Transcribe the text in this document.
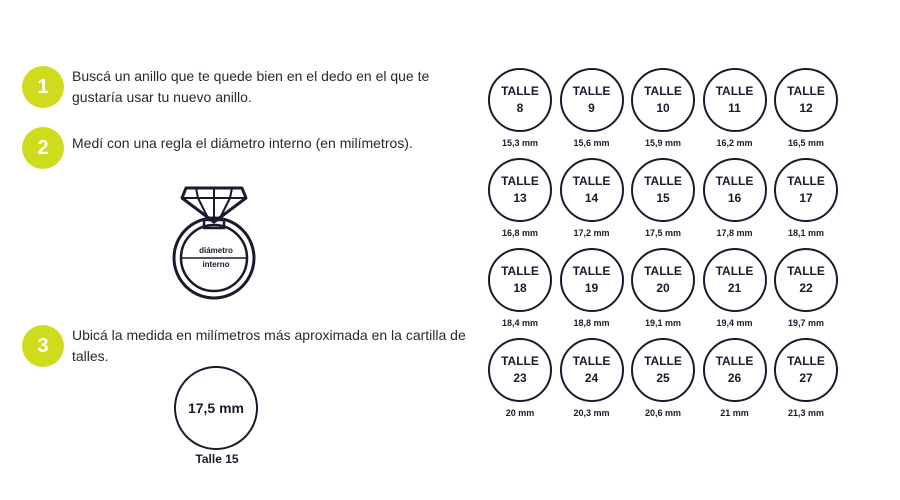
1	Buscá un anillo que te quede bien en el dedo en el que te gustaría usar tu nuevo anillo.
2	Medí con una regla el diámetro interno (en milímetros).
diámetro
interno
3	Ubicá la medida en milímetros más aproximada en la cartilla de talles.
17,5 mm
Talle 15
TALLE
8
15,3 mm
TALLE
9
15,6 mm
TALLE
10
15,9 mm
TALLE
11
16,2 mm
TALLE
12
16,5 mm
TALLE
13
16,8 mm
TALLE
14
17,2 mm
TALLE
15
17,5 mm
TALLE
16
17,8 mm
TALLE
17
18,1 mm
TALLE
18
18,4 mm
TALLE
19
18,8 mm
TALLE
20
19,1 mm
TALLE
21
19,4 mm
TALLE
22
19,7 mm
TALLE
23
20 mm
TALLE
24
20,3 mm
TALLE
25
20,6 mm
TALLE
26
21 mm
TALLE
27
21,3 mm
